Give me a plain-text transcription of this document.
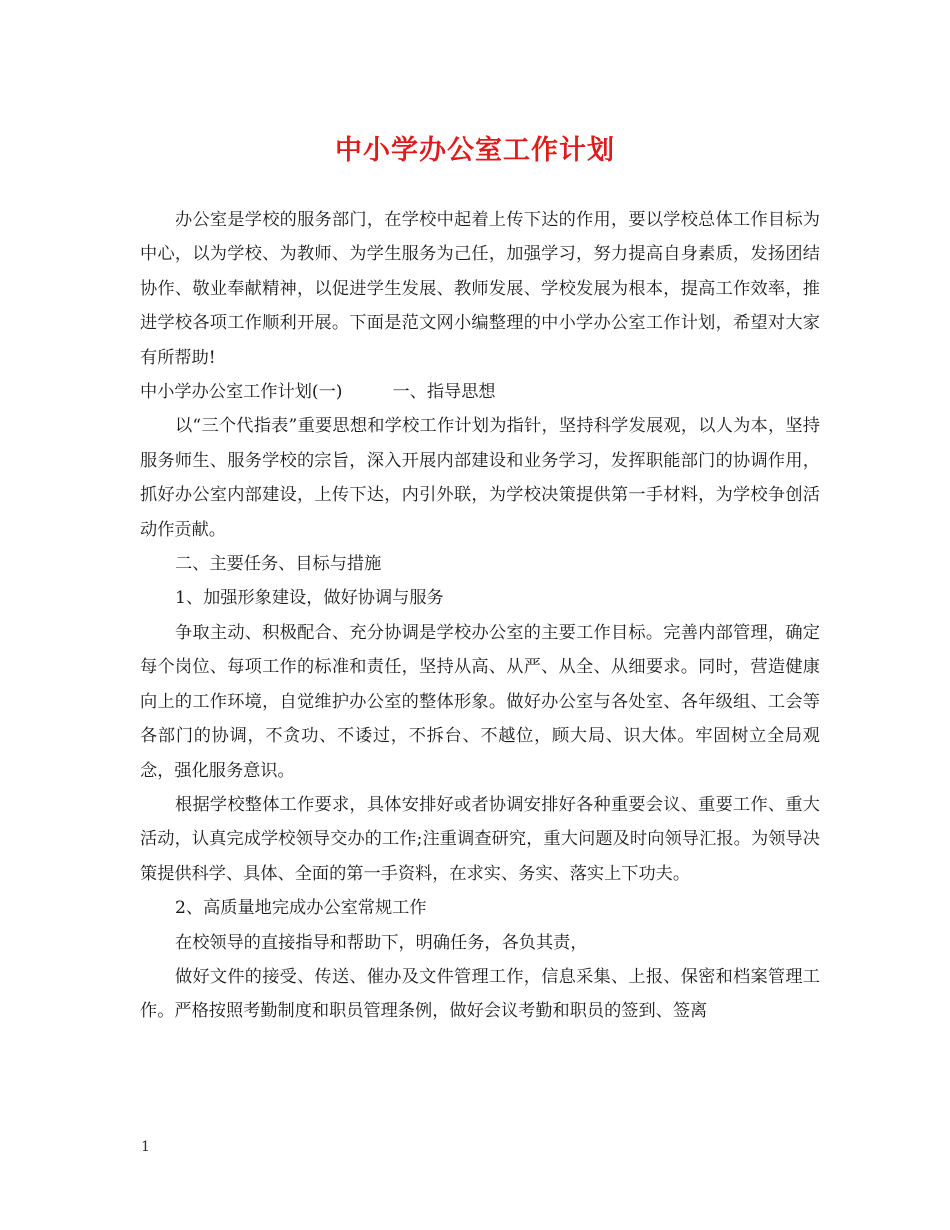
中小学办公室工作计划

办公室是学校的服务部门，在学校中起着上传下达的作用，要以学校总体工作目标为中心，以为学校、为教师、为学生服务为己任，加强学习，努力提高自身素质，发扬团结协作、敬业奉献精神，以促进学生发展、教师发展、学校发展为根本，提高工作效率，推进学校各项工作顺利开展。下面是范文网小编整理的中小学办公室工作计划，希望对大家有所帮助!

中小学办公室工作计划(一)	一、指导思想

以“三个代指表”重要思想和学校工作计划为指针，坚持科学发展观，以人为本，坚持服务师生、服务学校的宗旨，深入开展内部建设和业务学习，发挥职能部门的协调作用，抓好办公室内部建设，上传下达，内引外联，为学校决策提供第一手材料，为学校争创活动作贡献。

二、主要任务、目标与措施

1、加强形象建设，做好协调与服务

争取主动、积极配合、充分协调是学校办公室的主要工作目标。完善内部管理，确定每个岗位、每项工作的标准和责任，坚持从高、从严、从全、从细要求。同时，营造健康向上的工作环境，自觉维护办公室的整体形象。做好办公室与各处室、各年级组、工会等各部门的协调，不贪功、不诿过，不拆台、不越位，顾大局、识大体。牢固树立全局观念，强化服务意识。

根据学校整体工作要求，具体安排好或者协调安排好各种重要会议、重要工作、重大活动，认真完成学校领导交办的工作;注重调查研究，重大问题及时向领导汇报。为领导决策提供科学、具体、全面的第一手资料，在求实、务实、落实上下功夫。

2、高质量地完成办公室常规工作

在校领导的直接指导和帮助下，明确任务，各负其责，

做好文件的接受、传送、催办及文件管理工作，信息采集、上报、保密和档案管理工作。严格按照考勤制度和职员管理条例，做好会议考勤和职员的签到、签离

1
